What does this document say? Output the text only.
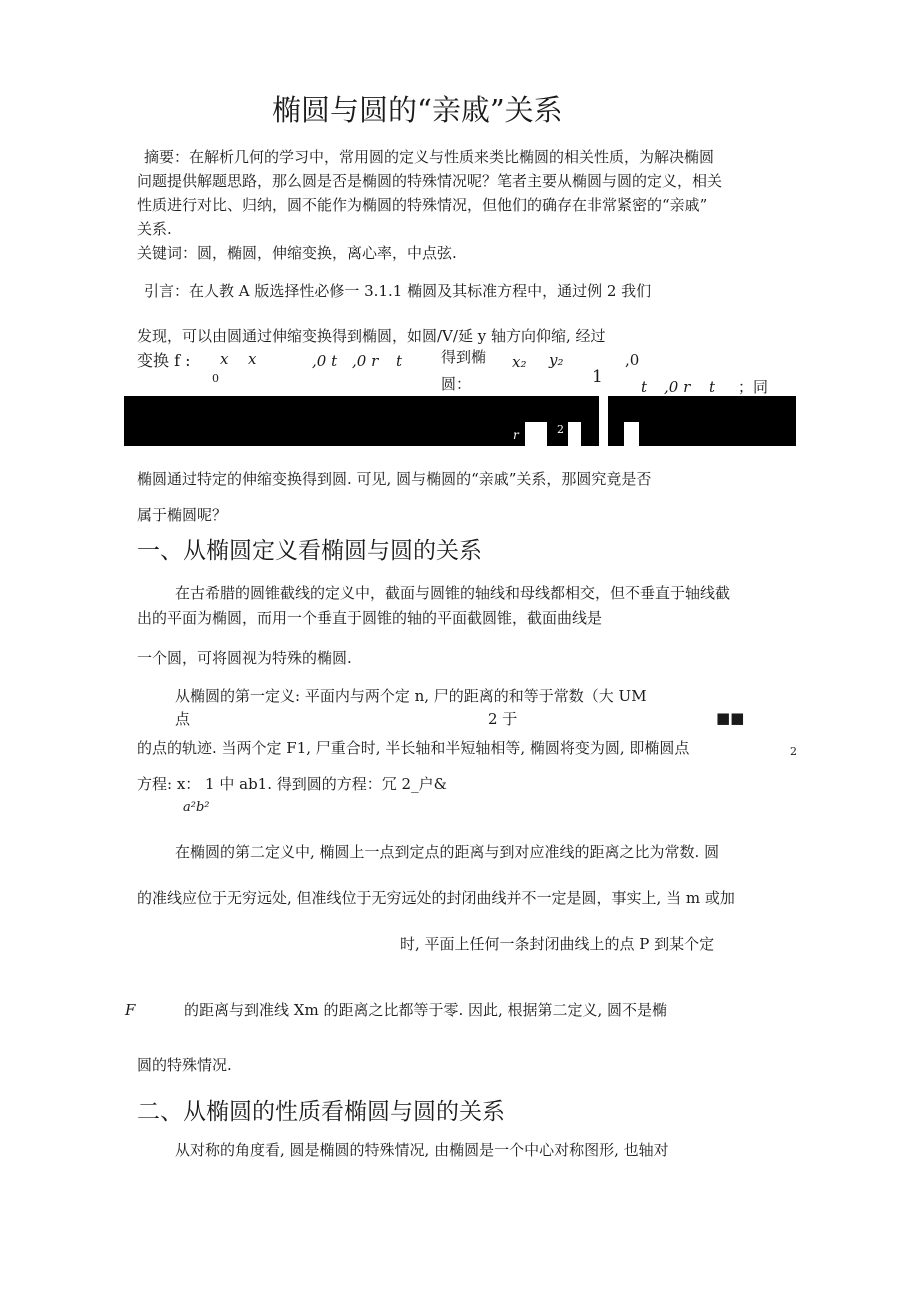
椭圆与圆的“亲戚”关系
摘要：在解析几何的学习中，常用圆的定义与性质来类比椭圆的相关性质，为解决椭圆
问题提供解题思路，那么圆是否是椭圆的特殊情况呢？笔者主要从椭圆与圆的定义，相关
性质进行对比、归纳，圆不能作为椭圆的特殊情况，但他们的确存在非常紧密的“亲戚”
关系.
关键词：圆，椭圆，伸缩变换，离心率，中点弦.
引言：在人教 A 版选择性必修一 3.1.1 椭圆及其标准方程中，通过例 2 我们
发现，可以由圆通过伸缩变换得到椭圆，如圆/V/延 y 轴方向仰缩, 经过
变换 f : x
0
x	,0 t ,0 r t	得到椭
圆：
x₂ y₂
1
,0
t ,0 r t ；同
r	2
椭圆通过特定的伸缩变换得到圆. 可见, 圆与椭圆的“亲戚”关系，那圆究竟是否
属于椭圆呢？
一、从椭圆定义看椭圆与圆的关系
在古希腊的圆锥截线的定义中，截面与圆锥的轴线和母线都相交，但不垂直于轴线截
出的平面为椭圆，而用一个垂直于圆锥的轴的平面截圆锥，截面曲线是
一个圆，可将圆视为特殊的椭圆.
从椭圆的第一定义: 平面内与两个定 n, 尸的距离的和等于常数（大 UM
点	2 于	■■
的点的轨迹. 当两个定 F1, 尸重合时, 半长轴和半短轴相等, 椭圆将变为圆, 即椭圆点	2
方程: x： 1 中 ab1. 得到圆的方程：冗 2_户&
a²b²
在椭圆的第二定义中, 椭圆上一点到定点的距离与到对应准线的距离之比为常数. 圆
的准线应位于无穷远处, 但准线位于无穷远处的封闭曲线并不一定是圆，事实上, 当 m 或加
时, 平面上任何一条封闭曲线上的点 P 到某个定
F	的距离与到准线 Xm 的距离之比都等于零. 因此, 根据第二定义, 圆不是椭
圆的特殊情况.
二、从椭圆的性质看椭圆与圆的关系
从对称的角度看, 圆是椭圆的特殊情况, 由椭圆是一个中心对称图形, 也轴对
